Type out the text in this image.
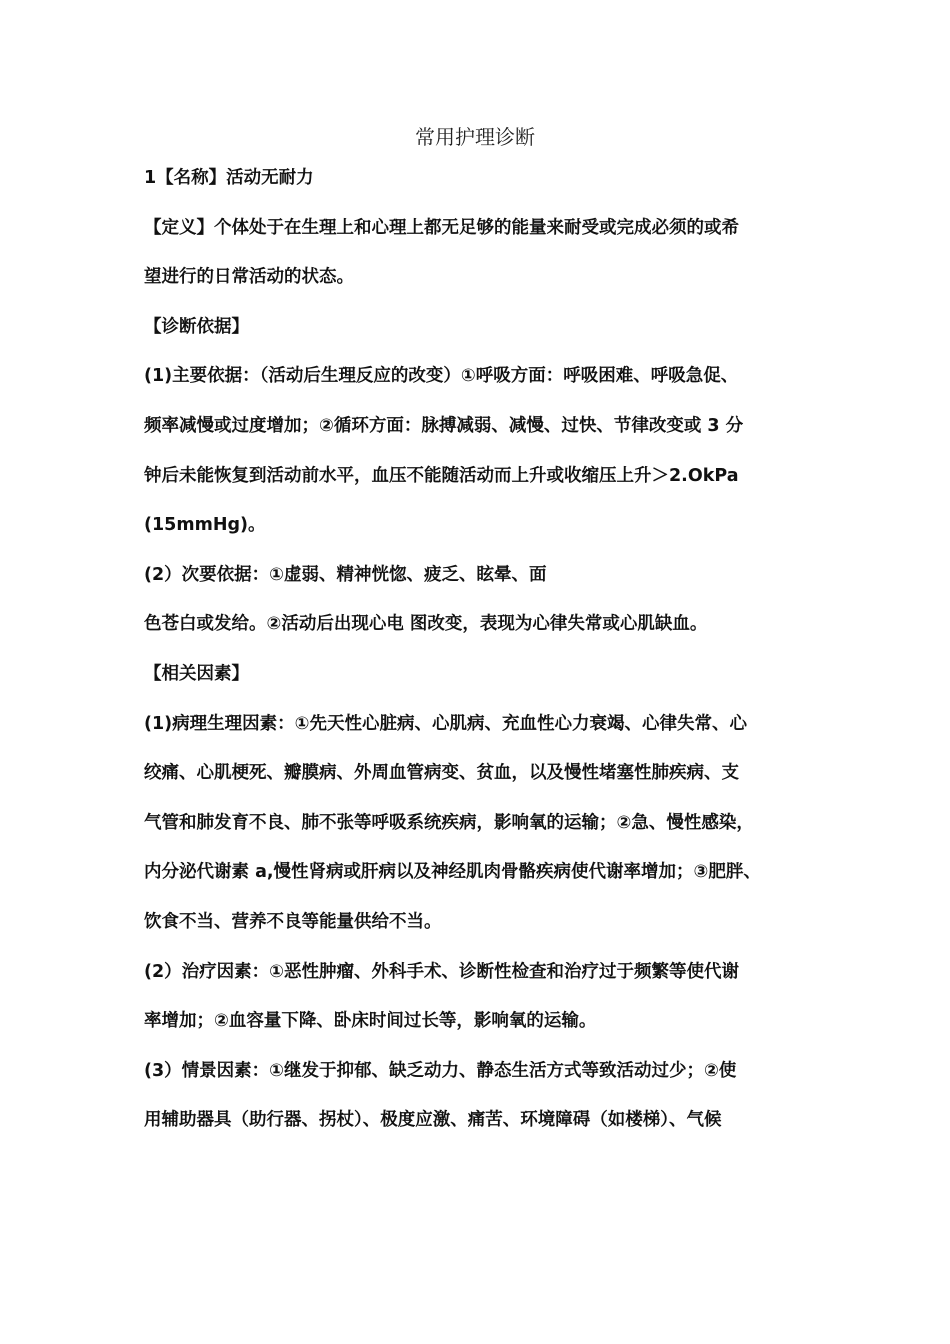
常用护理诊断

1【名称】活动无耐力

【定义】个体处于在生理上和心理上都无足够的能量来耐受或完成必须的或希

望进行的日常活动的状态。

【诊断依据】

(1)主要依据：（活动后生理反应的改变）①呼吸方面：呼吸困难、呼吸急促、

频率减慢或过度增加；②循环方面：脉搏减弱、减慢、过快、节律改变或 3 分

钟后未能恢复到活动前水平，血压不能随活动而上升或收缩压上升＞2.OkPa

(15mmHg)。

(2）次要依据：①虚弱、精神恍惚、疲乏、眩晕、面

色苍白或发给。②活动后出现心电 图改变，表现为心律失常或心肌缺血。

【相关因素】

(1)病理生理因素：①先天性心脏病、心肌病、充血性心力衰竭、心律失常、心

绞痛、心肌梗死、瓣膜病、外周血管病变、贫血，以及慢性堵塞性肺疾病、支

气管和肺发育不良、肺不张等呼吸系统疾病，影响氧的运输；②急、慢性感染，

内分泌代谢素 a,慢性肾病或肝病以及神经肌肉骨骼疾病使代谢率增加；③肥胖、

饮食不当、营养不良等能量供给不当。

(2）治疗因素：①恶性肿瘤、外科手术、诊断性检查和治疗过于频繁等使代谢

率增加；②血容量下降、卧床时间过长等，影响氧的运输。

(3）情景因素：①继发于抑郁、缺乏动力、静态生活方式等致活动过少；②使

用辅助器具（助行器、拐杖）、极度应激、痛苦、环境障碍（如楼梯）、气候
